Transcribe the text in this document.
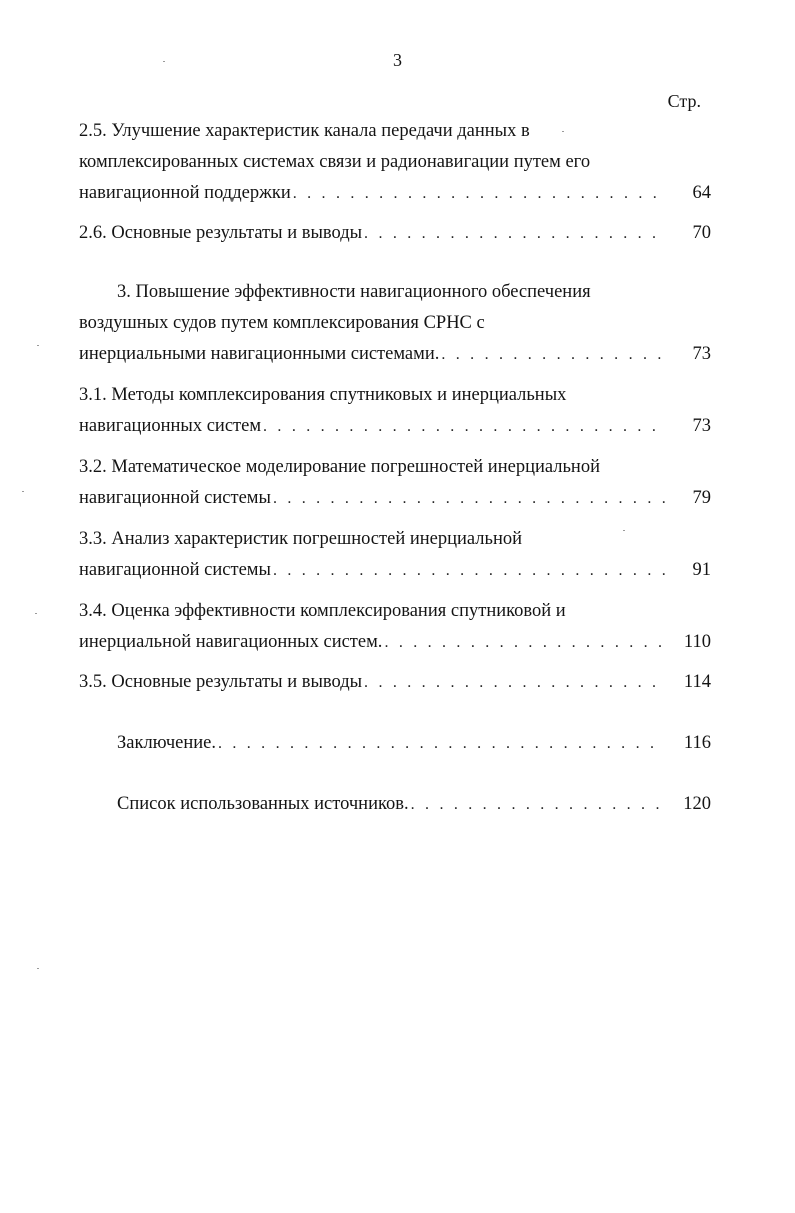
3
Стр.
2.5. Улучшение характеристик канала передачи данных в
комплексированных системах связи и радионавигации путем его
навигационной поддержки . . .	64
2.6. Основные результаты и выводы . . .	70
3. Повышение эффективности навигационного обеспечения
воздушных судов путем комплексирования СРНС с
инерциальными навигационными системами. . . .	73
3.1. Методы комплексирования спутниковых и инерциальных
навигационных систем . . .	73
3.2. Математическое моделирование погрешностей инерциальной
навигационной системы . . .	79
3.3. Анализ характеристик погрешностей инерциальной
навигационной системы . . .	91
3.4. Оценка эффективности комплексирования спутниковой и
инерциальной навигационных систем. . . .	110
3.5. Основные результаты и выводы . . .	114
Заключение. . . .	116
Список использованных источников. . . .	120
